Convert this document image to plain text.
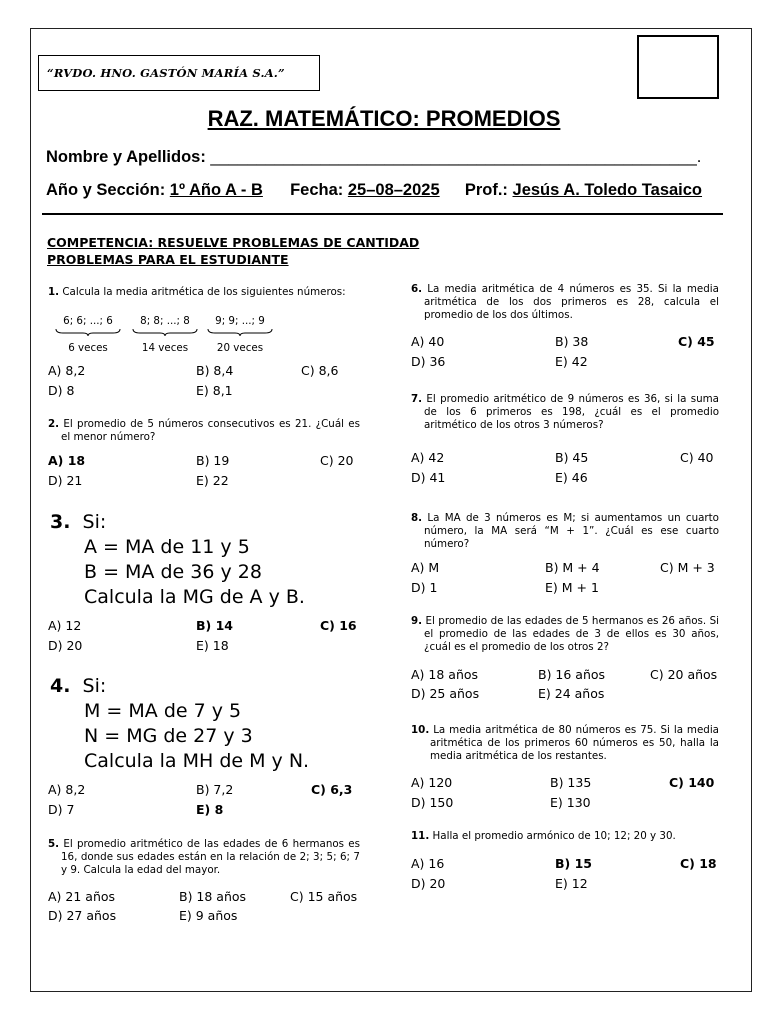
“RVDO. HNO. GASTÓN MARÍA S.A.”
RAZ. MATEMÁTICO: PROMEDIOS
Nombre y Apellidos: _____________________________________________________.
Año y Sección: 1º Año A - B Fecha: 25–08–2025 Prof.: Jesús A. Toledo Tasaico
COMPETENCIA: RESUELVE PROBLEMAS DE CANTIDAD
PROBLEMAS PARA EL ESTUDIANTE
1. Calcula la media aritmética de los siguientes números:
6; 6; ...; 6
6 veces
8; 8; ...; 8
14 veces
9; 9; ...; 9
20 veces
A) 8,2	B) 8,4	C) 8,6
D) 8	E) 8,1
2. El promedio de 5 números consecutivos es 21. ¿Cuál es el menor número?
A) 18	B) 19	C) 20
D) 21	E) 22
3. Si:
A = MA de 11 y 5
B = MA de 36 y 28
Calcula la MG de A y B.
A) 12	B) 14	C) 16
D) 20	E) 18
4. Si:
M = MA de 7 y 5
N = MG de 27 y 3
Calcula la MH de M y N.
A) 8,2	B) 7,2	C) 6,3
D) 7	E) 8
5. El promedio aritmético de las edades de 6 hermanos es 16, donde sus edades están en la relación de 2; 3; 5; 6; 7 y 9. Calcula la edad del mayor.
A) 21 años	B) 18 años	C) 15 años
D) 27 años	E) 9 años
6. La media aritmética de 4 números es 35. Si la media aritmética de los dos primeros es 28, calcula el promedio de los dos últimos.
A) 40	B) 38	C) 45
D) 36	E) 42
7. El promedio aritmético de 9 números es 36, si la suma de los 6 primeros es 198, ¿cuál es el promedio aritmético de los otros 3 números?
A) 42	B) 45	C) 40
D) 41	E) 46
8. La MA de 3 números es M; si aumentamos un cuarto número, la MA será “M + 1”. ¿Cuál es ese cuarto número?
A) M	B) M + 4	C) M + 3
D) 1	E) M + 1
9. El promedio de las edades de 5 hermanos es 26 años. Si el promedio de las edades de 3 de ellos es 30 años, ¿cuál es el promedio de los otros 2?
A) 18 años	B) 16 años	C) 20 años
D) 25 años	E) 24 años
10. La media aritmética de 80 números es 75. Si la media aritmética de los primeros 60 números es 50, halla la media aritmética de los restantes.
A) 120	B) 135	C) 140
D) 150	E) 130
11. Halla el promedio armónico de 10; 12; 20 y 30.
A) 16	B) 15	C) 18
D) 20	E) 12
